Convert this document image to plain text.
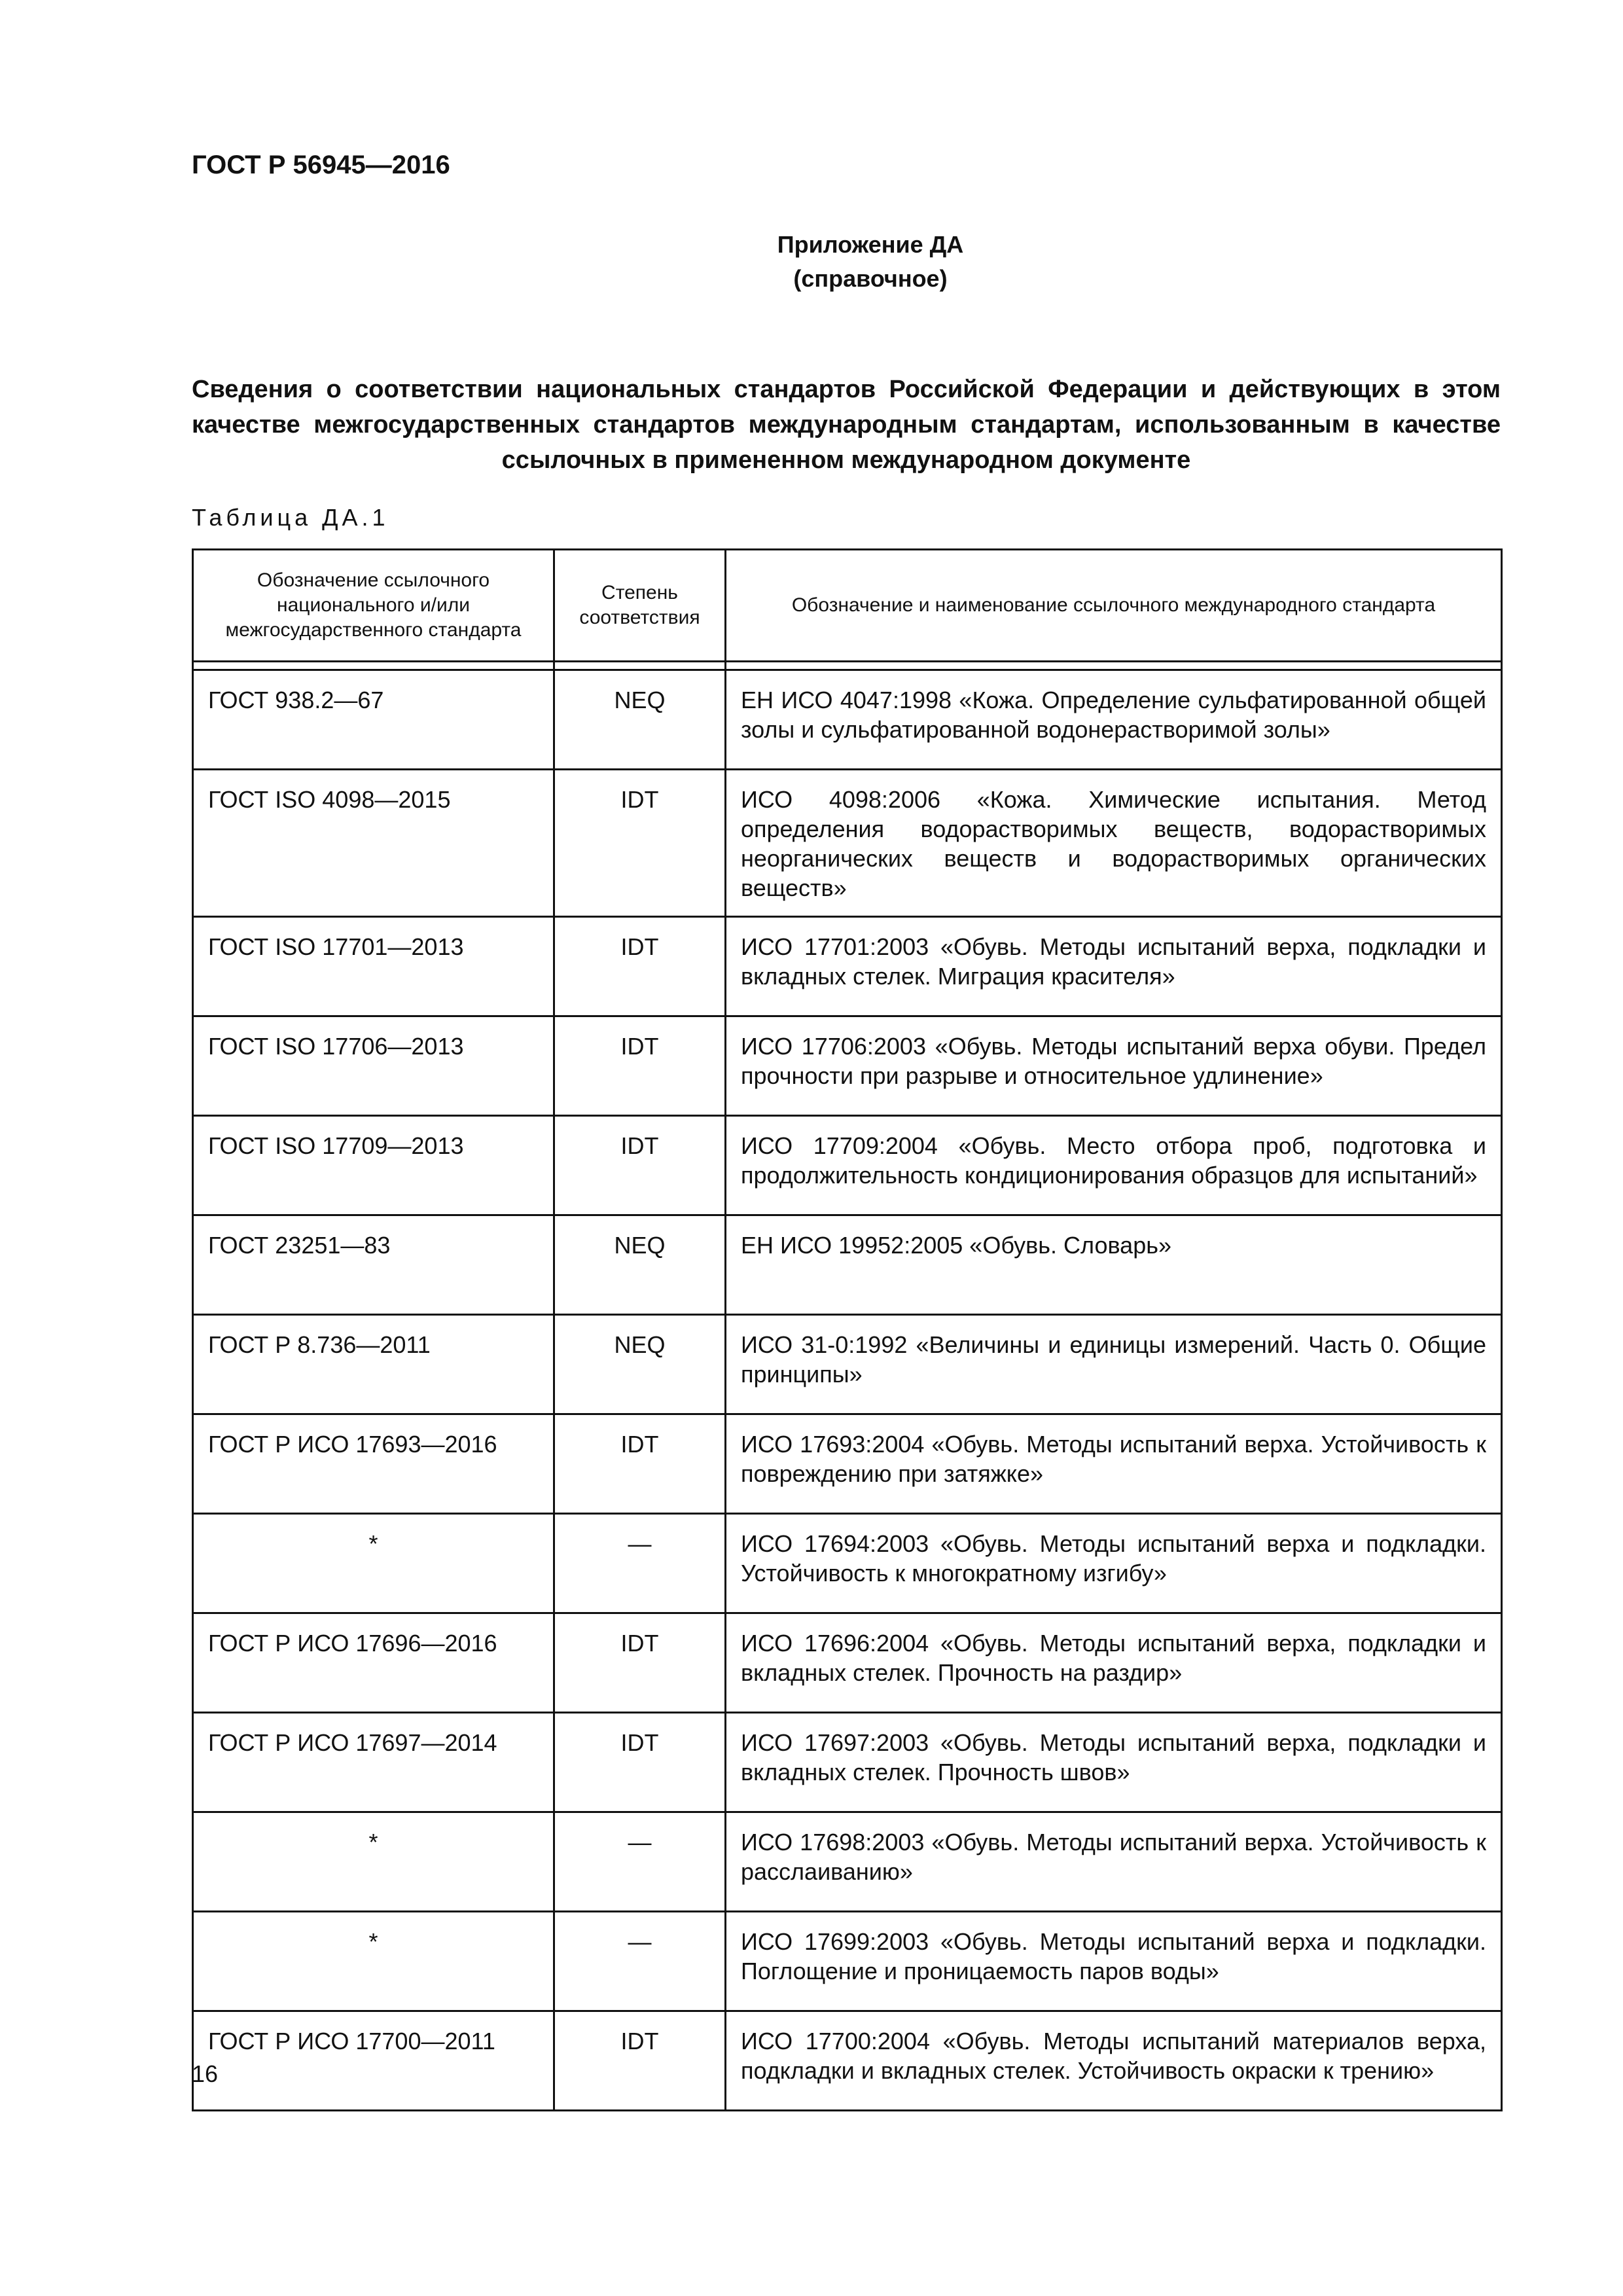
ГОСТ Р 56945—2016
Приложение ДА
(справочное)
Сведения о соответствии национальных стандартов Российской Федерации и действующих в этом качестве межгосударственных стандартов международным стандартам, использованным в качестве ссылочных в примененном международном документе
Таблица ДА.1
Обозначение ссылочного национального и/или межгосударственного стандарта	Степень соответствия	Обозначение и наименование ссылочного международного стандарта

ГОСТ 938.2—67	NEQ	ЕН ИСО 4047:1998 «Кожа. Определение сульфатированной общей золы и сульфатированной водонерастворимой золы»
ГОСТ ISO 4098—2015	IDT	ИСО 4098:2006 «Кожа. Химические испытания. Метод определения водорастворимых веществ, водорастворимых неорганических веществ и водорастворимых органических веществ»
ГОСТ ISO 17701—2013	IDT	ИСО 17701:2003 «Обувь. Методы испытаний верха, подкладки и вкладных стелек. Миграция красителя»
ГОСТ ISO 17706—2013	IDT	ИСО 17706:2003 «Обувь. Методы испытаний верха обуви. Предел прочности при разрыве и относительное удлинение»
ГОСТ ISO 17709—2013	IDT	ИСО 17709:2004 «Обувь. Место отбора проб, подготовка и продолжительность кондиционирования образцов для испытаний»
ГОСТ 23251—83	NEQ	ЕН ИСО 19952:2005 «Обувь. Словарь»
ГОСТ Р 8.736—2011	NEQ	ИСО 31-0:1992 «Величины и единицы измерений. Часть 0. Общие принципы»
ГОСТ Р ИСО 17693—2016	IDT	ИСО 17693:2004 «Обувь. Методы испытаний верха. Устойчивость к повреждению при затяжке»
*	—	ИСО 17694:2003 «Обувь. Методы испытаний верха и подкладки. Устойчивость к многократному изгибу»
ГОСТ Р ИСО 17696—2016	IDT	ИСО 17696:2004 «Обувь. Методы испытаний верха, подкладки и вкладных стелек. Прочность на раздир»
ГОСТ Р ИСО 17697—2014	IDT	ИСО 17697:2003 «Обувь. Методы испытаний верха, подкладки и вкладных стелек. Прочность швов»
*	—	ИСО 17698:2003 «Обувь. Методы испытаний верха. Устойчивость к расслаиванию»
*	—	ИСО 17699:2003 «Обувь. Методы испытаний верха и подкладки. Поглощение и проницаемость паров воды»
ГОСТ Р ИСО 17700—2011	IDT	ИСО 17700:2004 «Обувь. Методы испытаний материалов верха, подкладки и вкладных стелек. Устойчивость окраски к трению»
16
